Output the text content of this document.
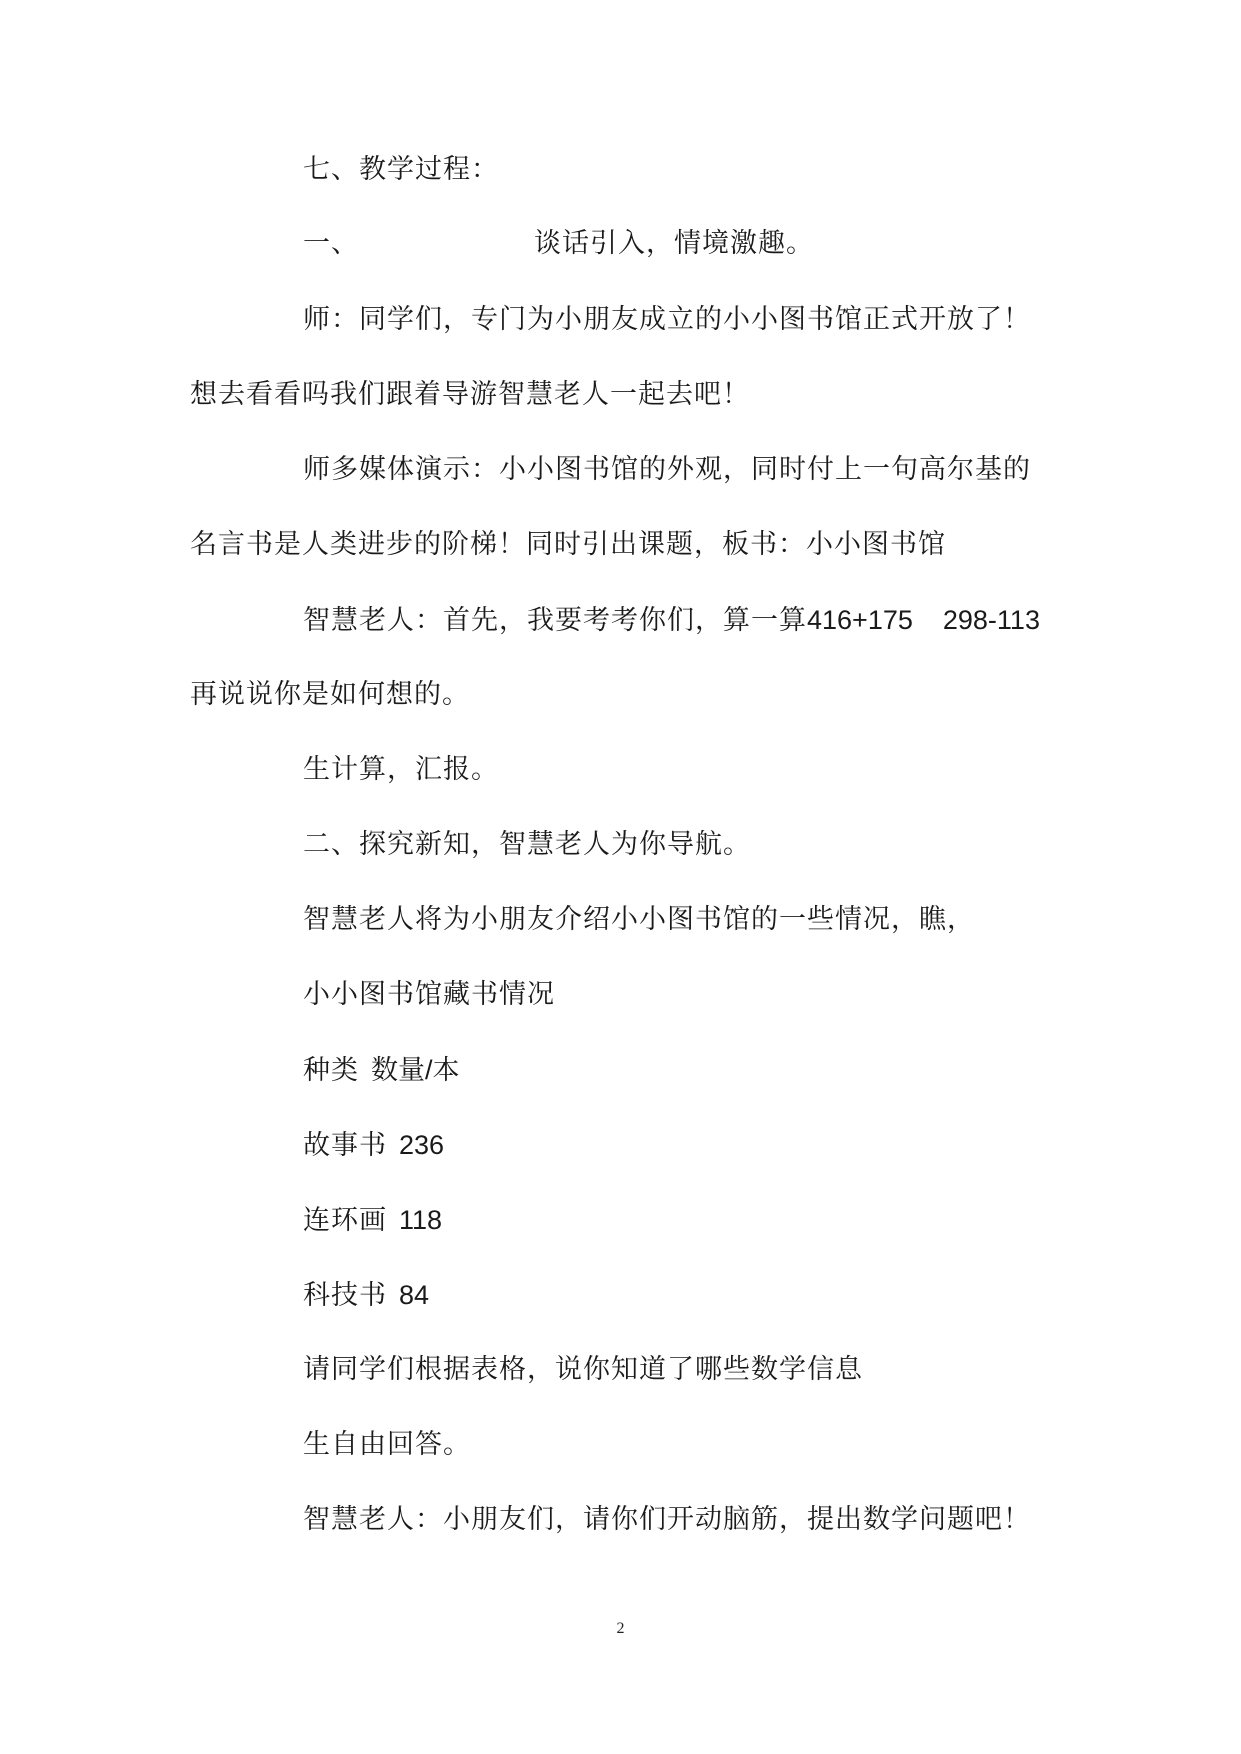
七、教学过程：
一、	谈话引入，情境激趣。
师：同学们，专门为小朋友成立的小小图书馆正式开放了！
想去看看吗我们跟着导游智慧老人一起去吧！
师多媒体演示：小小图书馆的外观，同时付上一句高尔基的
名言书是人类进步的阶梯！同时引出课题，板书：小小图书馆
智慧老人：首先，我要考考你们，算一算416+175 298-113
再说说你是如何想的。
生计算，汇报。
二、探究新知，智慧老人为你导航。
智慧老人将为小朋友介绍小小图书馆的一些情况，瞧，
小小图书馆藏书情况
种类 数量/本
故事书 236
连环画 118
科技书 84
请同学们根据表格，说你知道了哪些数学信息
生自由回答。
智慧老人：小朋友们，请你们开动脑筋，提出数学问题吧！
2
